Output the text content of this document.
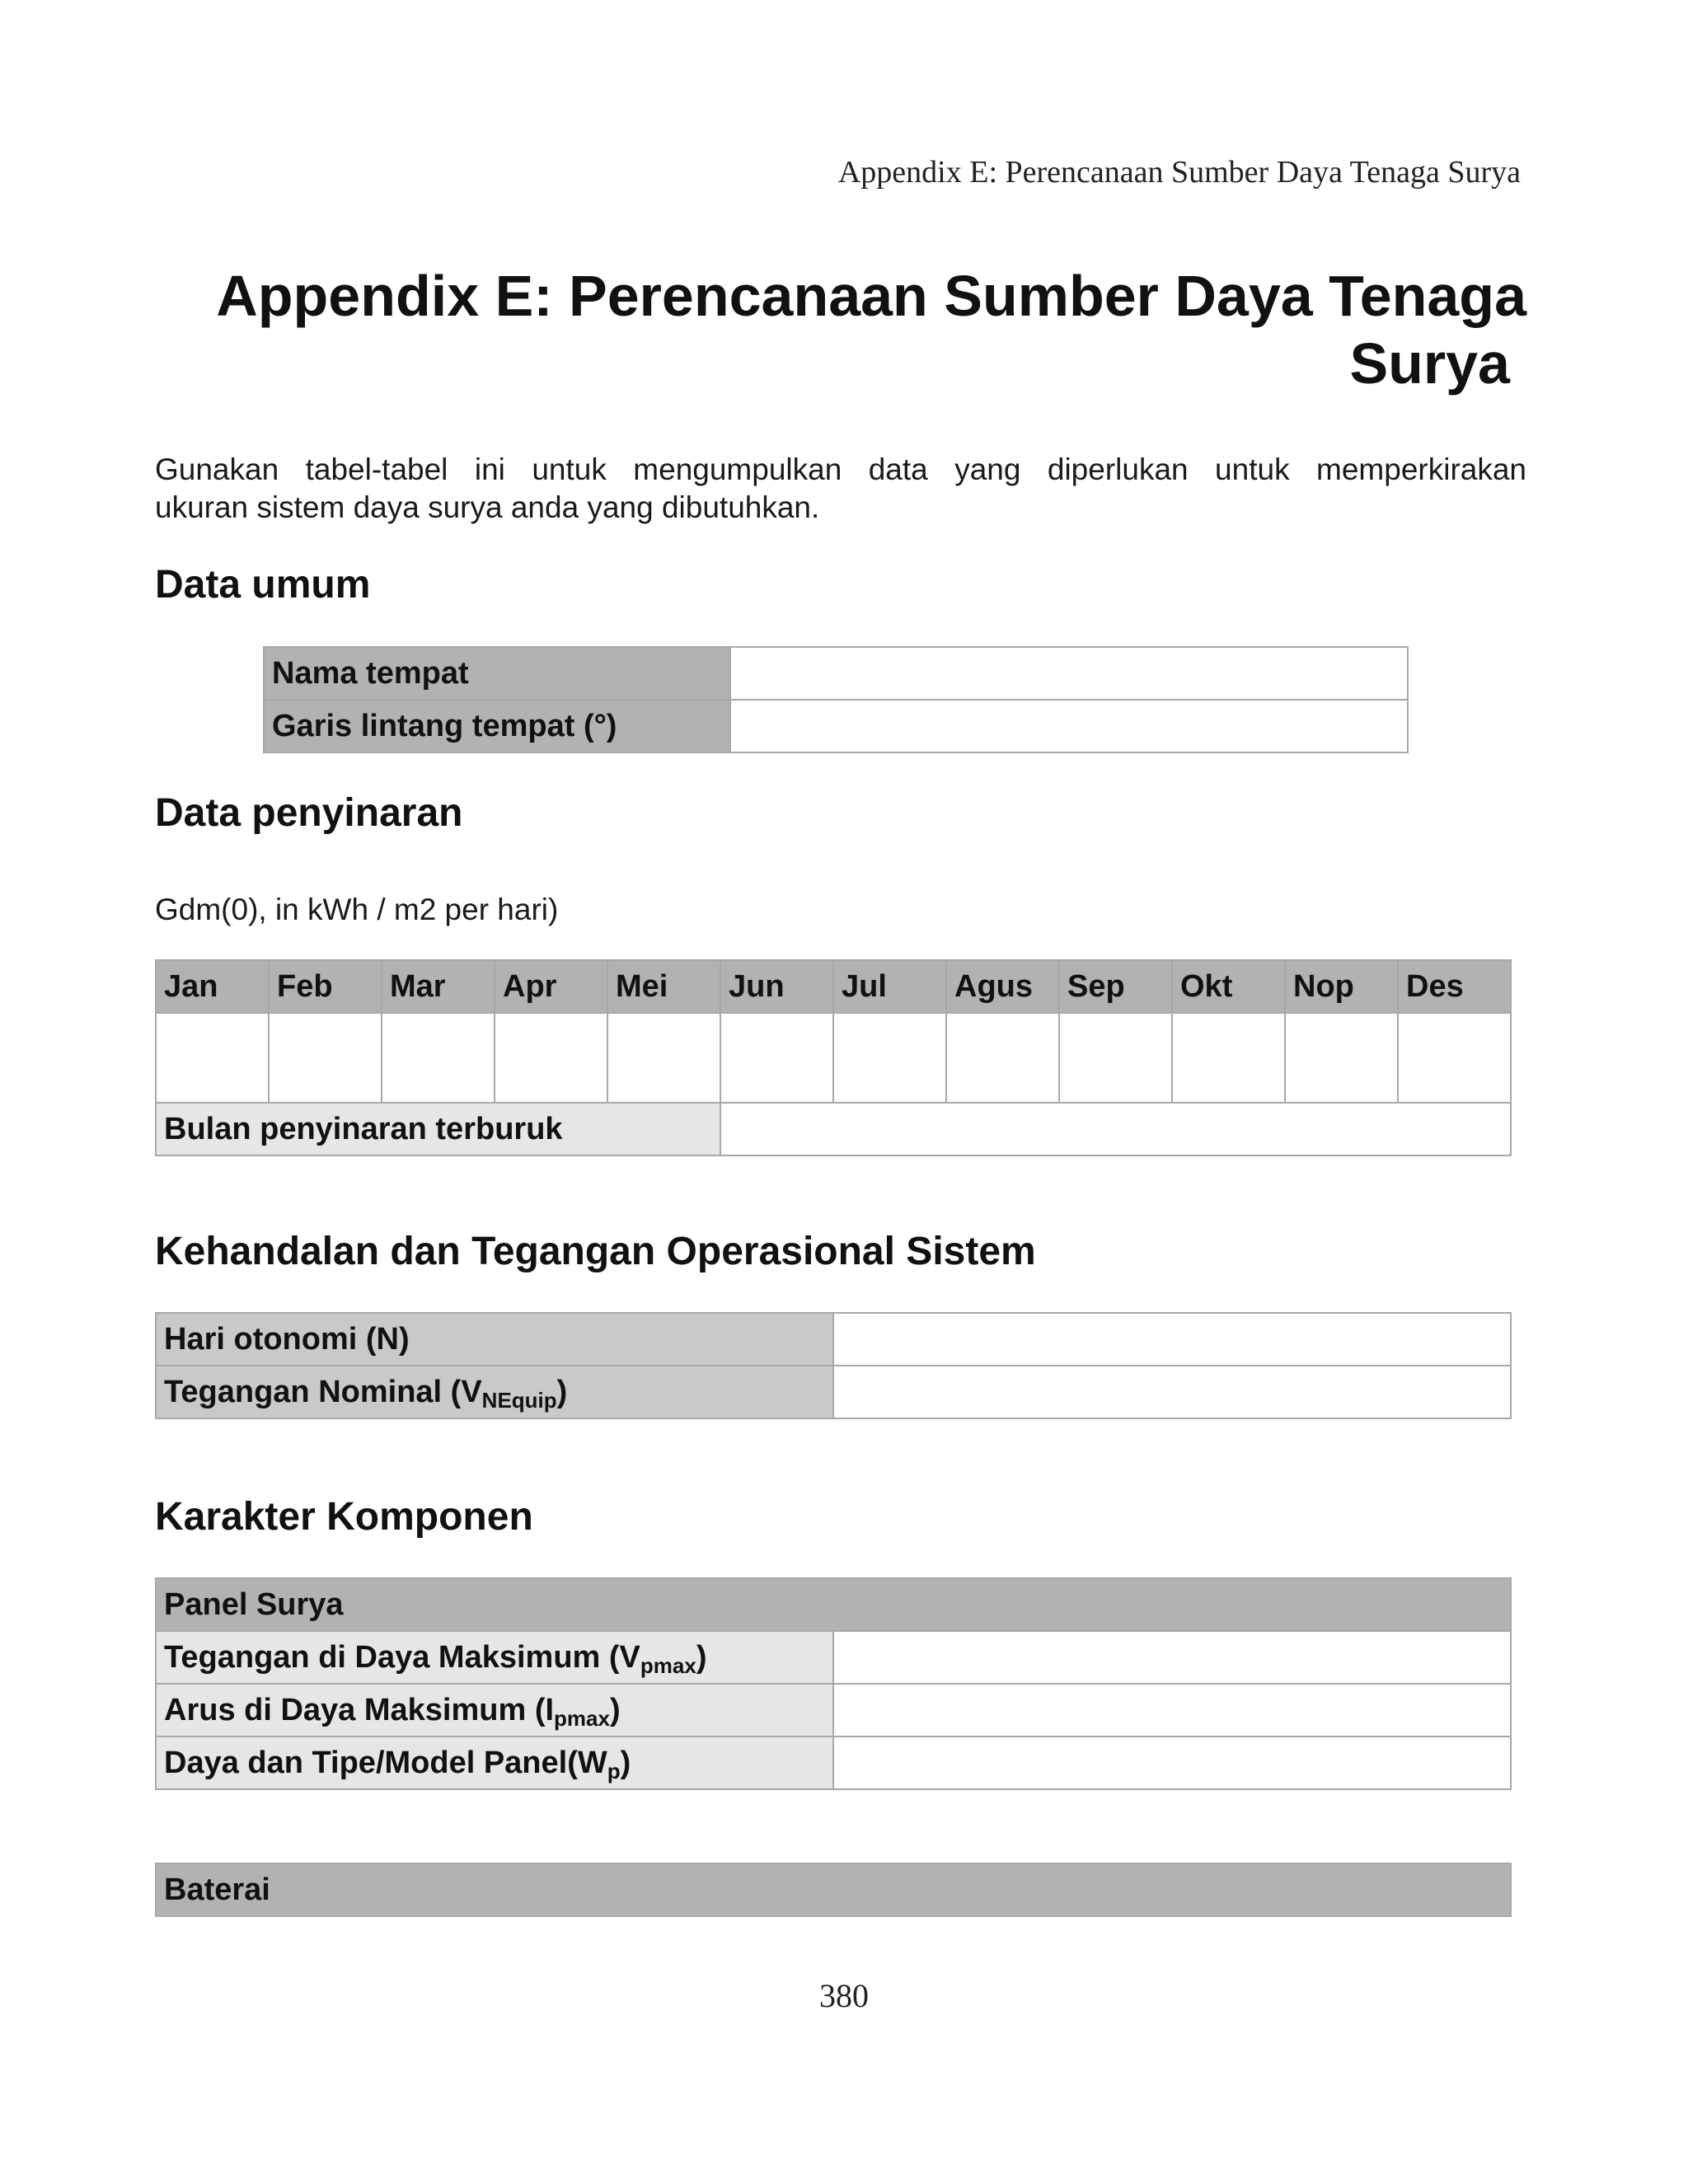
Appendix E: Perencanaan Sumber Daya Tenaga Surya
Appendix E: Perencanaan Sumber Daya Tenaga
Surya

Gunakan tabel-tabel ini untuk mengumpulkan data yang diperlukan untuk memperkirakan
ukuran sistem daya surya anda yang dibutuhkan.

Data umum
Nama tempat	
Garis lintang tempat (°)	
Data penyinaran
Gdm(0), in kWh / m2 per hari)
Jan	Feb	Mar	Apr	Mei	Jun	Jul	Agus	Sep	Okt	Nop	Des

Bulan penyinaran terburuk											
Kehandalan dan Tegangan Operasional Sistem
Hari otonomi (N)	
Tegangan Nominal $(V_{NEquip})$	
Karakter Komponen
Panel Surya	
Tegangan di Daya Maksimum $(V_{pmax})$	
Arus di Daya Maksimum $(I_{pmax})$	
Daya dan Tipe/Model $Panel(W_p)$	
Baterai
380
